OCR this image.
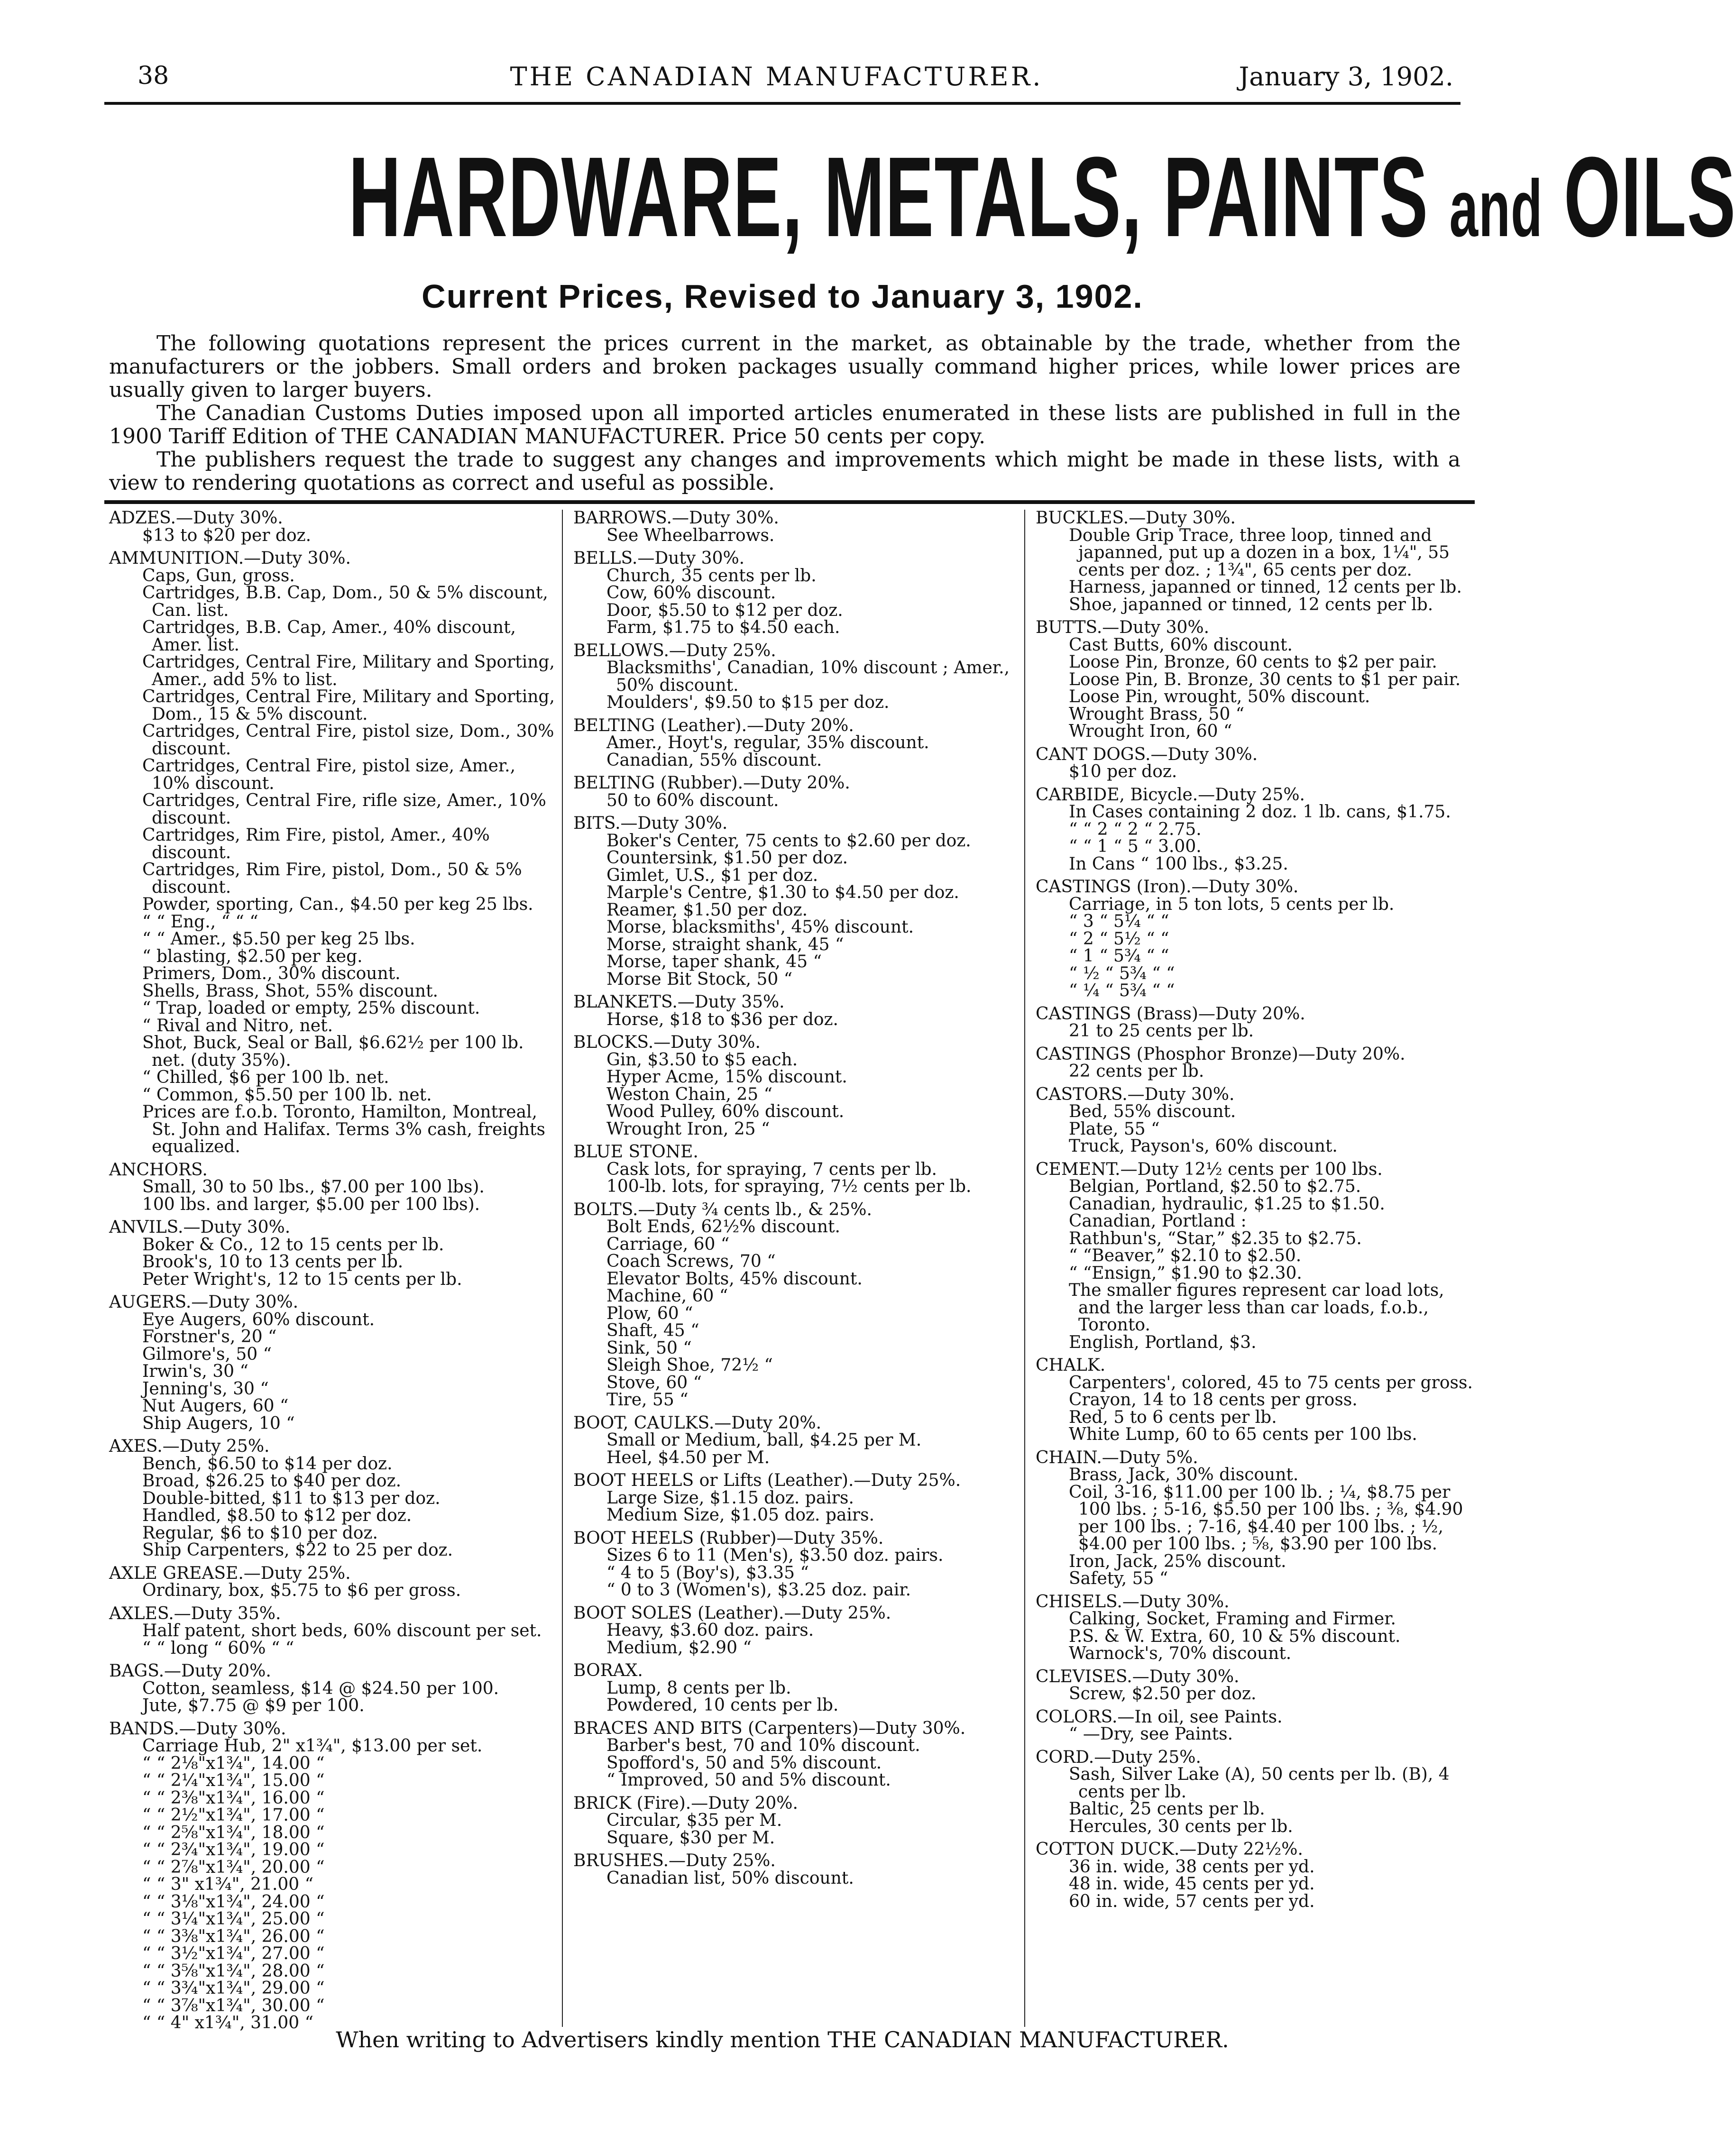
38	THE CANADIAN MANUFACTURER.	January 3, 1902.
HARDWARE, METALS, PAINTS and OILS
Current Prices, Revised to January 3, 1902.

The following quotations represent the prices current in the market, as obtainable by the trade, whether from the manufacturers or the jobbers. Small orders and broken packages usually command higher prices, while lower prices are usually given to larger buyers.

The Canadian Customs Duties imposed upon all imported articles enumerated in these lists are published in full in the 1900 Tariff Edition of THE CANADIAN MANUFACTURER. Price 50 cents per copy.

The publishers request the trade to suggest any changes and improvements which might be made in these lists, with a view to rendering quotations as correct and useful as possible.

ADZES.—Duty 30%.
$13 to $20 per doz.
AMMUNITION.—Duty 30%.
Caps, Gun, gross.
Cartridges, B.B. Cap, Dom., 50 & 5% discount, Can. list.
Cartridges, B.B. Cap, Amer., 40% discount, Amer. list.
Cartridges, Central Fire, Military and Sporting, Amer., add 5% to list.
Cartridges, Central Fire, Military and Sporting, Dom., 15 & 5% discount.
Cartridges, Central Fire, pistol size, Dom., 30% discount.
Cartridges, Central Fire, pistol size, Amer., 10% discount.
Cartridges, Central Fire, rifle size, Amer., 10% discount.
Cartridges, Rim Fire, pistol, Amer., 40% discount.
Cartridges, Rim Fire, pistol, Dom., 50 & 5% discount.
Powder, sporting, Can., $4.50 per keg 25 lbs.
“ “ Eng., “ “ “
“ “ Amer., $5.50 per keg 25 lbs.
“ blasting, $2.50 per keg.
Primers, Dom., 30% discount.
Shells, Brass, Shot, 55% discount.
“ Trap, loaded or empty, 25% discount.
“ Rival and Nitro, net.
Shot, Buck, Seal or Ball, $6.62½ per 100 lb. net. (duty 35%).
“ Chilled, $6 per 100 lb. net.
“ Common, $5.50 per 100 lb. net.
Prices are f.o.b. Toronto, Hamilton, Montreal, St. John and Halifax. Terms 3% cash, freights equalized.
ANCHORS.
Small, 30 to 50 lbs., $7.00 per 100 lbs).
100 lbs. and larger, $5.00 per 100 lbs).
ANVILS.—Duty 30%.
Boker & Co., 12 to 15 cents per lb.
Brook's, 10 to 13 cents per lb.
Peter Wright's, 12 to 15 cents per lb.
AUGERS.—Duty 30%.
Eye Augers, 60% discount.
Forstner's, 20 “
Gilmore's, 50 “
Irwin's, 30 “
Jenning's, 30 “
Nut Augers, 60 “
Ship Augers, 10 “
AXES.—Duty 25%.
Bench, $6.50 to $14 per doz.
Broad, $26.25 to $40 per doz.
Double-bitted, $11 to $13 per doz.
Handled, $8.50 to $12 per doz.
Regular, $6 to $10 per doz.
Ship Carpenters, $22 to 25 per doz.
AXLE GREASE.—Duty 25%.
Ordinary, box, $5.75 to $6 per gross.
AXLES.—Duty 35%.
Half patent, short beds, 60% discount per set.
“ “ long “ 60% “ “
BAGS.—Duty 20%.
Cotton, seamless, $14 @ $24.50 per 100.
Jute, $7.75 @ $9 per 100.
BANDS.—Duty 30%.
Carriage Hub, 2" x1¾", $13.00 per set.
“ “ 2⅛"x1¾", 14.00 “
“ “ 2¼"x1¾", 15.00 “
“ “ 2⅜"x1¾", 16.00 “
“ “ 2½"x1¾", 17.00 “
“ “ 2⅝"x1¾", 18.00 “
“ “ 2¾"x1¾", 19.00 “
“ “ 2⅞"x1¾", 20.00 “
“ “ 3" x1¾", 21.00 “
“ “ 3⅛"x1¾", 24.00 “
“ “ 3¼"x1¾", 25.00 “
“ “ 3⅜"x1¾", 26.00 “
“ “ 3½"x1¾", 27.00 “
“ “ 3⅝"x1¾", 28.00 “
“ “ 3¾"x1¾", 29.00 “
“ “ 3⅞"x1¾", 30.00 “
“ “ 4" x1¾", 31.00 “
BARROWS.—Duty 30%.
See Wheelbarrows.
BELLS.—Duty 30%.
Church, 35 cents per lb.
Cow, 60% discount.
Door, $5.50 to $12 per doz.
Farm, $1.75 to $4.50 each.
BELLOWS.—Duty 25%.
Blacksmiths', Canadian, 10% discount ; Amer., 50% discount.
Moulders', $9.50 to $15 per doz.
BELTING (Leather).—Duty 20%.
Amer., Hoyt's, regular, 35% discount.
Canadian, 55% discount.
BELTING (Rubber).—Duty 20%.
50 to 60% discount.
BITS.—Duty 30%.
Boker's Center, 75 cents to $2.60 per doz.
Countersink, $1.50 per doz.
Gimlet, U.S., $1 per doz.
Marple's Centre, $1.30 to $4.50 per doz.
Reamer, $1.50 per doz.
Morse, blacksmiths', 45% discount.
Morse, straight shank, 45 “
Morse, taper shank, 45 “
Morse Bit Stock, 50 “
BLANKETS.—Duty 35%.
Horse, $18 to $36 per doz.
BLOCKS.—Duty 30%.
Gin, $3.50 to $5 each.
Hyper Acme, 15% discount.
Weston Chain, 25 “
Wood Pulley, 60% discount.
Wrought Iron, 25 “
BLUE STONE.
Cask lots, for spraying, 7 cents per lb.
100-lb. lots, for spraying, 7½ cents per lb.
BOLTS.—Duty ¾ cents lb., & 25%.
Bolt Ends, 62½% discount.
Carriage, 60 “
Coach Screws, 70 “
Elevator Bolts, 45% discount.
Machine, 60 “
Plow, 60 “
Shaft, 45 “
Sink, 50 “
Sleigh Shoe, 72½ “
Stove, 60 “
Tire, 55 “
BOOT, CAULKS.—Duty 20%.
Small or Medium, ball, $4.25 per M.
Heel, $4.50 per M.
BOOT HEELS or Lifts (Leather).—Duty 25%.
Large Size, $1.15 doz. pairs.
Medium Size, $1.05 doz. pairs.
BOOT HEELS (Rubber)—Duty 35%.
Sizes 6 to 11 (Men's), $3.50 doz. pairs.
“ 4 to 5 (Boy's), $3.35 “
“ 0 to 3 (Women's), $3.25 doz. pair.
BOOT SOLES (Leather).—Duty 25%.
Heavy, $3.60 doz. pairs.
Medium, $2.90 “
BORAX.
Lump, 8 cents per lb.
Powdered, 10 cents per lb.
BRACES AND BITS (Carpenters)—Duty 30%.
Barber's best, 70 and 10% discount.
Spofford's, 50 and 5% discount.
“ Improved, 50 and 5% discount.
BRICK (Fire).—Duty 20%.
Circular, $35 per M.
Square, $30 per M.
BRUSHES.—Duty 25%.
Canadian list, 50% discount.
BUCKLES.—Duty 30%.
Double Grip Trace, three loop, tinned and japanned, put up a dozen in a box, 1¼", 55 cents per doz. ; 1¾", 65 cents per doz.
Harness, japanned or tinned, 12 cents per lb.
Shoe, japanned or tinned, 12 cents per lb.
BUTTS.—Duty 30%.
Cast Butts, 60% discount.
Loose Pin, Bronze, 60 cents to $2 per pair.
Loose Pin, B. Bronze, 30 cents to $1 per pair.
Loose Pin, wrought, 50% discount.
Wrought Brass, 50 “
Wrought Iron, 60 “
CANT DOGS.—Duty 30%.
$10 per doz.
CARBIDE, Bicycle.—Duty 25%.
In Cases containing 2 doz. 1 lb. cans, $1.75.
“ “ 2 “ 2 “ 2.75.
“ “ 1 “ 5 “ 3.00.
In Cans “ 100 lbs., $3.25.
CASTINGS (Iron).—Duty 30%.
Carriage, in 5 ton lots, 5 cents per lb.
“ 3 “ 5¼ “ “
“ 2 “ 5½ “ “
“ 1 “ 5¾ “ “
“ ½ “ 5¾ “ “
“ ¼ “ 5¾ “ “
CASTINGS (Brass)—Duty 20%.
21 to 25 cents per lb.
CASTINGS (Phosphor Bronze)—Duty 20%.
22 cents per lb.
CASTORS.—Duty 30%.
Bed, 55% discount.
Plate, 55 “
Truck, Payson's, 60% discount.
CEMENT.—Duty 12½ cents per 100 lbs.
Belgian, Portland, $2.50 to $2.75.
Canadian, hydraulic, $1.25 to $1.50.
Canadian, Portland :
Rathbun's, “Star,” $2.35 to $2.75.
“ “Beaver,” $2.10 to $2.50.
“ “Ensign,” $1.90 to $2.30.
The smaller figures represent car load lots, and the larger less than car loads, f.o.b., Toronto.
English, Portland, $3.
CHALK.
Carpenters', colored, 45 to 75 cents per gross.
Crayon, 14 to 18 cents per gross.
Red, 5 to 6 cents per lb.
White Lump, 60 to 65 cents per 100 lbs.
CHAIN.—Duty 5%.
Brass, Jack, 30% discount.
Coil, 3-16, $11.00 per 100 lb. ; ¼, $8.75 per 100 lbs. ; 5-16, $5.50 per 100 lbs. ; ⅜, $4.90 per 100 lbs. ; 7-16, $4.40 per 100 lbs. ; ½, $4.00 per 100 lbs. ; ⅝, $3.90 per 100 lbs.
Iron, Jack, 25% discount.
Safety, 55 “
CHISELS.—Duty 30%.
Calking, Socket, Framing and Firmer.
P.S. & W. Extra, 60, 10 & 5% discount.
Warnock's, 70% discount.
CLEVISES.—Duty 30%.
Screw, $2.50 per doz.
COLORS.—In oil, see Paints.
“ —Dry, see Paints.
CORD.—Duty 25%.
Sash, Silver Lake (A), 50 cents per lb. (B), 4 cents per lb.
Baltic, 25 cents per lb.
Hercules, 30 cents per lb.
COTTON DUCK.—Duty 22½%.
36 in. wide, 38 cents per yd.
48 in. wide, 45 cents per yd.
60 in. wide, 57 cents per yd.
When writing to Advertisers kindly mention THE CANADIAN MANUFACTURER.
